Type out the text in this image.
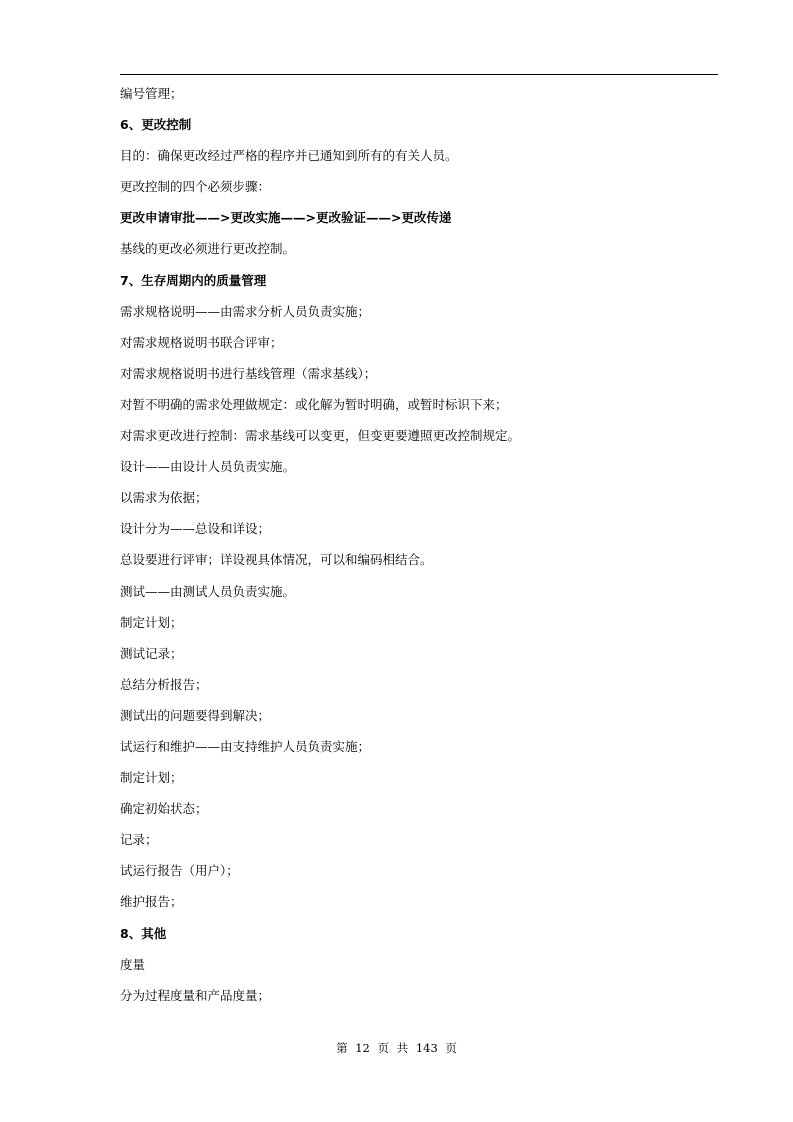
编号管理；
6、更改控制
目的：确保更改经过严格的程序并已通知到所有的有关人员。
更改控制的四个必须步骤：
更改申请审批——>更改实施——>更改验证——>更改传递
基线的更改必须进行更改控制。
7、生存周期内的质量管理
需求规格说明——由需求分析人员负责实施；
对需求规格说明书联合评审；
对需求规格说明书进行基线管理（需求基线）；
对暂不明确的需求处理做规定：或化解为暂时明确，或暂时标识下来；
对需求更改进行控制：需求基线可以变更，但变更要遵照更改控制规定。
设计——由设计人员负责实施。
以需求为依据；
设计分为——总设和详设；
总设要进行评审；详设视具体情况，可以和编码相结合。
测试——由测试人员负责实施。
制定计划；
测试记录；
总结分析报告；
测试出的问题要得到解决；
试运行和维护——由支持维护人员负责实施；
制定计划；
确定初始状态；
记录；
试运行报告（用户）；
维护报告；
8、其他
度量
分为过程度量和产品度量；
第 12 页 共 143 页
